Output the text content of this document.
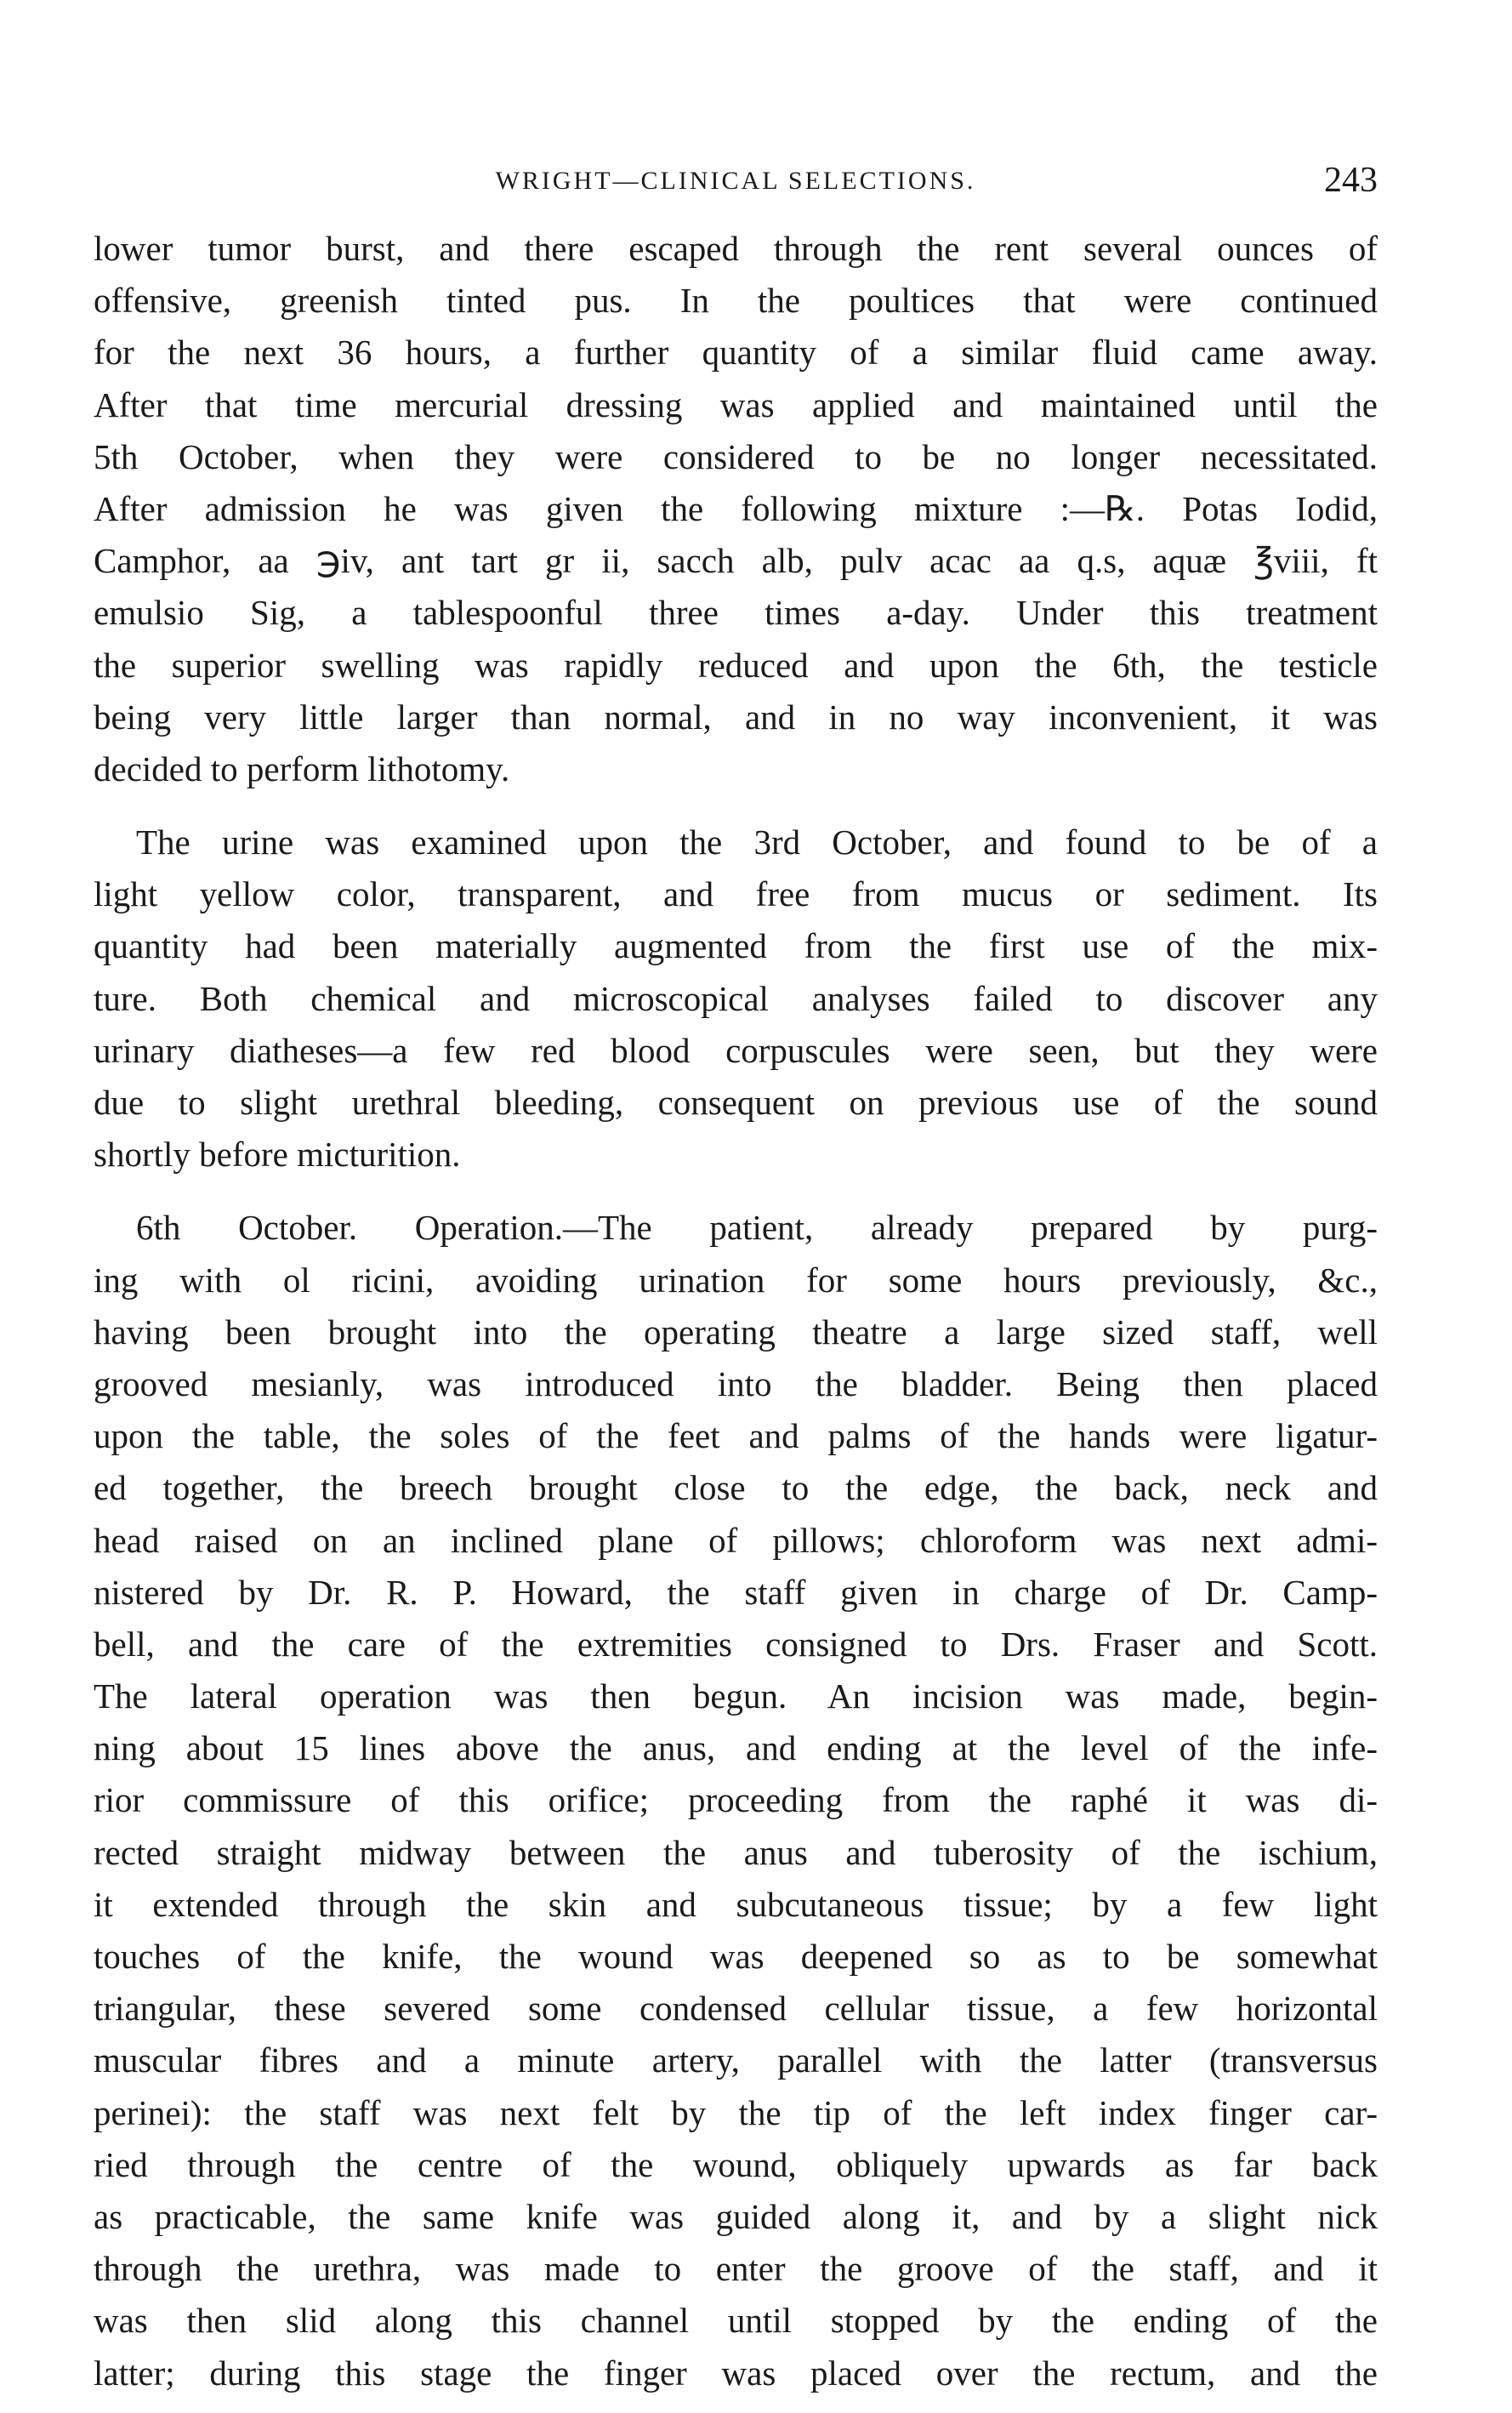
WRIGHT—CLINICAL SELECTIONS.	243
lower tumor burst, and there escaped through the rent several ounces of
offensive, greenish tinted pus. In the poultices that were continued
for the next 36 hours, a further quantity of a similar fluid came away.
After that time mercurial dressing was applied and maintained until the
5th October, when they were considered to be no longer necessitated.
After admission he was given the following mixture :—℞. Potas Iodid,
Camphor, aa ℈iv, ant tart gr ii, sacch alb, pulv acac aa q.s, aquæ ℥viii, ft
emulsio Sig, a tablespoonful three times a-day. Under this treatment
the superior swelling was rapidly reduced and upon the 6th, the testicle
being very little larger than normal, and in no way inconvenient, it was
decided to perform lithotomy.
The urine was examined upon the 3rd October, and found to be of a
light yellow color, transparent, and free from mucus or sediment. Its
quantity had been materially augmented from the first use of the mix-
ture. Both chemical and microscopical analyses failed to discover any
urinary diatheses—a few red blood corpuscules were seen, but they were
due to slight urethral bleeding, consequent on previous use of the sound
shortly before micturition.
6th October. Operation.—The patient, already prepared by purg-
ing with ol ricini, avoiding urination for some hours previously, &c.,
having been brought into the operating theatre a large sized staff, well
grooved mesianly, was introduced into the bladder. Being then placed
upon the table, the soles of the feet and palms of the hands were ligatur-
ed together, the breech brought close to the edge, the back, neck and
head raised on an inclined plane of pillows; chloroform was next admi-
nistered by Dr. R. P. Howard, the staff given in charge of Dr. Camp-
bell, and the care of the extremities consigned to Drs. Fraser and Scott.
The lateral operation was then begun. An incision was made, begin-
ning about 15 lines above the anus, and ending at the level of the infe-
rior commissure of this orifice; proceeding from the raphé it was di-
rected straight midway between the anus and tuberosity of the ischium,
it extended through the skin and subcutaneous tissue; by a few light
touches of the knife, the wound was deepened so as to be somewhat
triangular, these severed some condensed cellular tissue, a few horizontal
muscular fibres and a minute artery, parallel with the latter (transversus
perinei): the staff was next felt by the tip of the left index finger car-
ried through the centre of the wound, obliquely upwards as far back
as practicable, the same knife was guided along it, and by a slight nick
through the urethra, was made to enter the groove of the staff, and it
was then slid along this channel until stopped by the ending of the
latter; during this stage the finger was placed over the rectum, and the
